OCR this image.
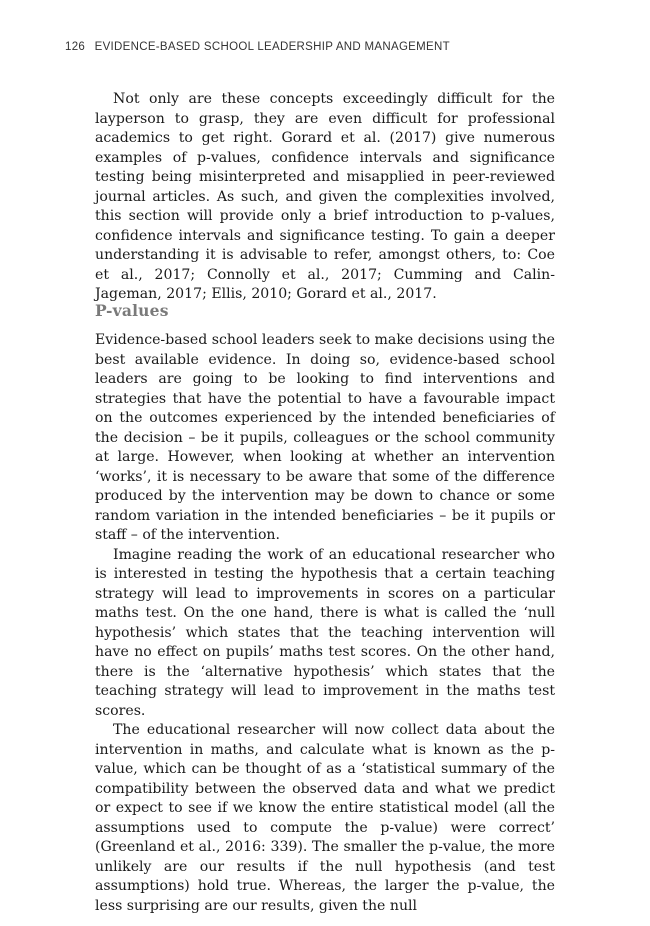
126 EVIDENCE-BASED SCHOOL LEADERSHIP AND MANAGEMENT

Not only are these concepts exceedingly difficult for the layperson to grasp, they are even difficult for professional academics to get right. Gorard et al. (2017) give numerous examples of p-values, confidence intervals and significance testing being misinterpreted and misapplied in peer-reviewed journal articles. As such, and given the complexities involved, this section will provide only a brief introduction to p-values, confidence intervals and significance testing. To gain a deeper understanding it is advisable to refer, amongst others, to: Coe et al., 2017; Connolly et al., 2017; Cumming and Calin-Jageman, 2017; Ellis, 2010; Gorard et al., 2017.

P-values

Evidence-based school leaders seek to make decisions using the best available evidence. In doing so, evidence-based school leaders are going to be looking to find interventions and strategies that have the potential to have a favourable impact on the outcomes experienced by the intended beneficiaries of the decision – be it pupils, colleagues or the school community at large. However, when looking at whether an intervention ‘works’, it is necessary to be aware that some of the difference produced by the intervention may be down to chance or some random variation in the intended beneficiaries – be it pupils or staff – of the intervention.

Imagine reading the work of an educational researcher who is interested in testing the hypothesis that a certain teaching strategy will lead to improvements in scores on a particular maths test. On the one hand, there is what is called the ‘null hypothesis’ which states that the teaching intervention will have no effect on pupils’ maths test scores. On the other hand, there is the ‘alternative hypothesis’ which states that the teaching strategy will lead to improvement in the maths test scores.

The educational researcher will now collect data about the intervention in maths, and calculate what is known as the p-value, which can be thought of as a ‘statistical summary of the compatibility between the observed data and what we predict or expect to see if we know the entire statistical model (all the assumptions used to compute the p-value) were correct’ (Greenland et al., 2016: 339). The smaller the p-value, the more unlikely are our results if the null hypothesis (and test assumptions) hold true. Whereas, the larger the p-value, the less surprising are our results, given the null
